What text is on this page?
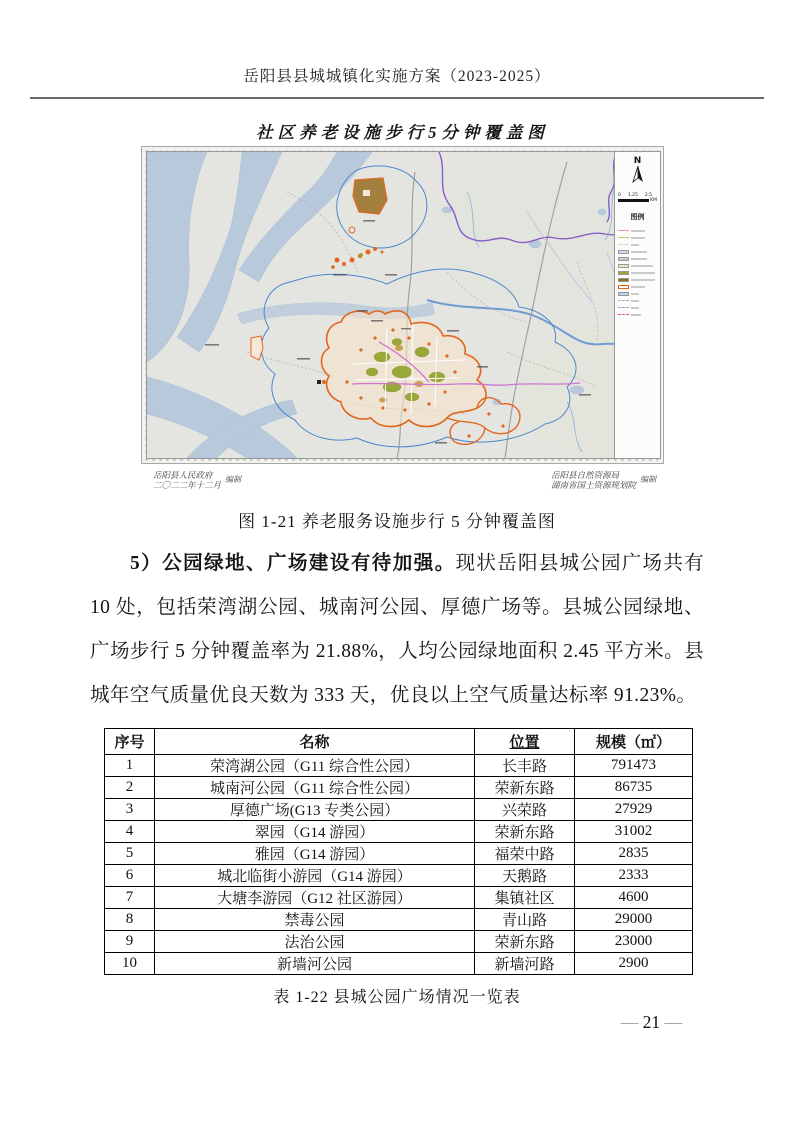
岳阳县县城城镇化实施方案（2023-2025）
社区养老设施步行5分钟覆盖图
N
0 1.25 2.5
KM
图例
岳阳县人民政府
二〇二二年十二月
编制	岳阳县自然资源局
湖南省国土资源规划院
编制
图 1-21 养老服务设施步行 5 分钟覆盖图
5）公园绿地、广场建设有待加强。现状岳阳县城公园广场共有 10 处，包括荣湾湖公园、城南河公园、厚德广场等。县城公园绿地、广场步行 5 分钟覆盖率为 21.88%，人均公园绿地面积 2.45 平方米。县城年空气质量优良天数为 333 天，优良以上空气质量达标率 91.23%。
序号	名称	位置	规模（㎡）
1	荣湾湖公园（G11 综合性公园）	长丰路	791473
2	城南河公园（G11 综合性公园）	荣新东路	86735
3	厚德广场(G13 专类公园）	兴荣路	27929
4	翠园（G14 游园）	荣新东路	31002
5	雅园（G14 游园）	福荣中路	2835
6	城北临街小游园（G14 游园）	天鹅路	2333
7	大塘李游园（G12 社区游园）	集镇社区	4600
8	禁毒公园	青山路	29000
9	法治公园	荣新东路	23000
10	新墙河公园	新墙河路	2900
表 1-22 县城公园广场情况一览表
— 21 —
